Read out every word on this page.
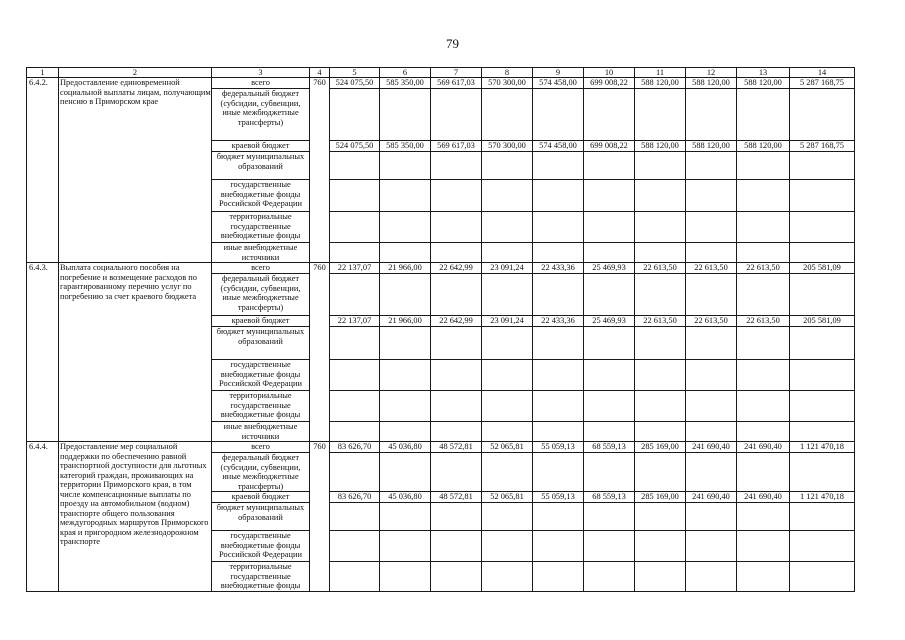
79
1	2	3	4	5	6	7	8	9	10	11	12	13	14
6.4.2.	Предоставление единовременной социальной выплаты лицам, получающим пенсию в Приморском крае	всего	760	524 075,50	585 350,00	569 617,03	570 300,00	574 458,00	699 008,22	588 120,00	588 120,00	588 120,00	5 287 168,75
		федеральный бюджет (субсидии, субвенции, иные межбюджетные трансферты)											
		краевой бюджет		524 075,50	585 350,00	569 617,03	570 300,00	574 458,00	699 008,22	588 120,00	588 120,00	588 120,00	5 287 168,75
		бюджет муниципальных образований											
		государственные внебюджетные фонды Российской Федерации											
		территориальные государственные внебюджетные фонды											
		иные внебюджетные источники											
6.4.3.	Выплата социального пособия на погребение и возмещение расходов по гарантированному перечню услуг по погребению за счет краевого бюджета	всего	760	22 137,07	21 966,00	22 642,99	23 091,24	22 433,36	25 469,93	22 613,50	22 613,50	22 613,50	205 581,09
		федеральный бюджет (субсидии, субвенции, иные межбюджетные трансферты)											
		краевой бюджет		22 137,07	21 966,00	22 642,99	23 091,24	22 433,36	25 469,93	22 613,50	22 613,50	22 613,50	205 581,09
		бюджет муниципальных образований											
		государственные внебюджетные фонды Российской Федерации											
		территориальные государственные внебюджетные фонды											
		иные внебюджетные источники											
6.4.4.	Предоставление мер социальной поддержки по обеспечению равной транспортной доступности для льготных категорий граждан, проживающих на территории Приморского края, в том числе компенсационные выплаты по проезду на автомобильном (водном) транспорте общего пользования междугородных маршрутов Приморского края и пригородном железнодорожном транспорте	всего	760	83 626,70	45 036,80	48 572,81	52 065,81	55 059,13	68 559,13	285 169,00	241 690,40	241 690,40	1 121 470,18
		федеральный бюджет (субсидии, субвенции, иные межбюджетные трансферты)											
		краевой бюджет		83 626,70	45 036,80	48 572,81	52 065,81	55 059,13	68 559,13	285 169,00	241 690,40	241 690,40	1 121 470,18
		бюджет муниципальных образований											
		государственные внебюджетные фонды Российской Федерации											
		территориальные государственные внебюджетные фонды											
